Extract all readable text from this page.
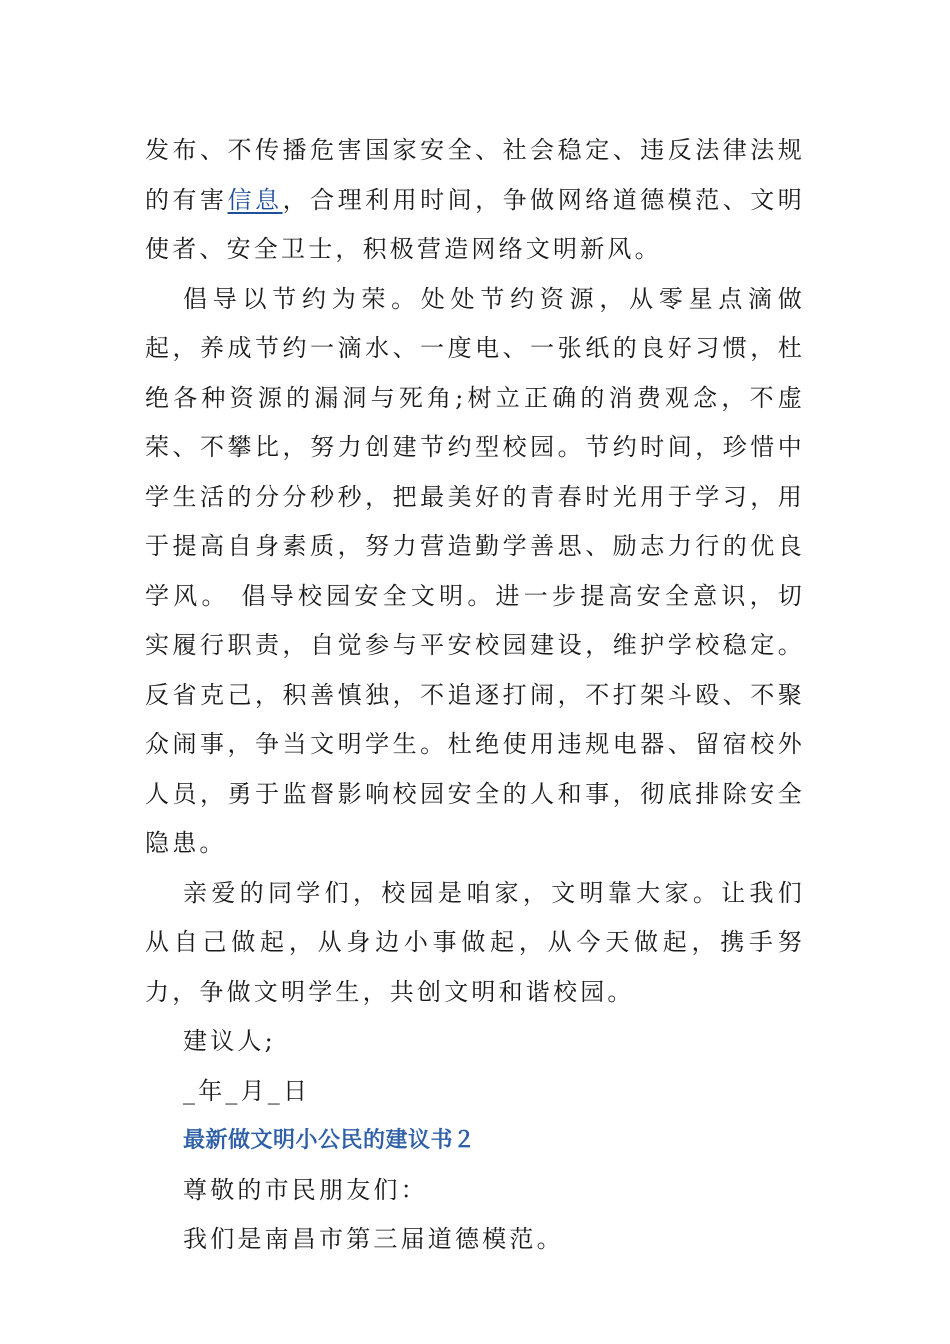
发布、不传播危害国家安全、社会稳定、违反法律法规的有害信息，合理利用时间，争做网络道德模范、文明使者、安全卫士，积极营造网络文明新风。

倡导以节约为荣。处处节约资源，从零星点滴做起，养成节约一滴水、一度电、一张纸的良好习惯，杜绝各种资源的漏洞与死角;树立正确的消费观念，不虚荣、不攀比，努力创建节约型校园。节约时间，珍惜中学生活的分分秒秒，把最美好的青春时光用于学习，用于提高自身素质，努力营造勤学善思、励志力行的优良学风。 倡导校园安全文明。进一步提高安全意识，切实履行职责，自觉参与平安校园建设，维护学校稳定。反省克己，积善慎独，不追逐打闹，不打架斗殴、不聚众闹事，争当文明学生。杜绝使用违规电器、留宿校外人员，勇于监督影响校园安全的人和事，彻底排除安全隐患。

亲爱的同学们，校园是咱家，文明靠大家。让我们从自己做起，从身边小事做起，从今天做起，携手努力，争做文明学生，共创文明和谐校园。

建议人;

_年_月_日

最新做文明小公民的建议书２

尊敬的市民朋友们：

我们是南昌市第三届道德模范。
